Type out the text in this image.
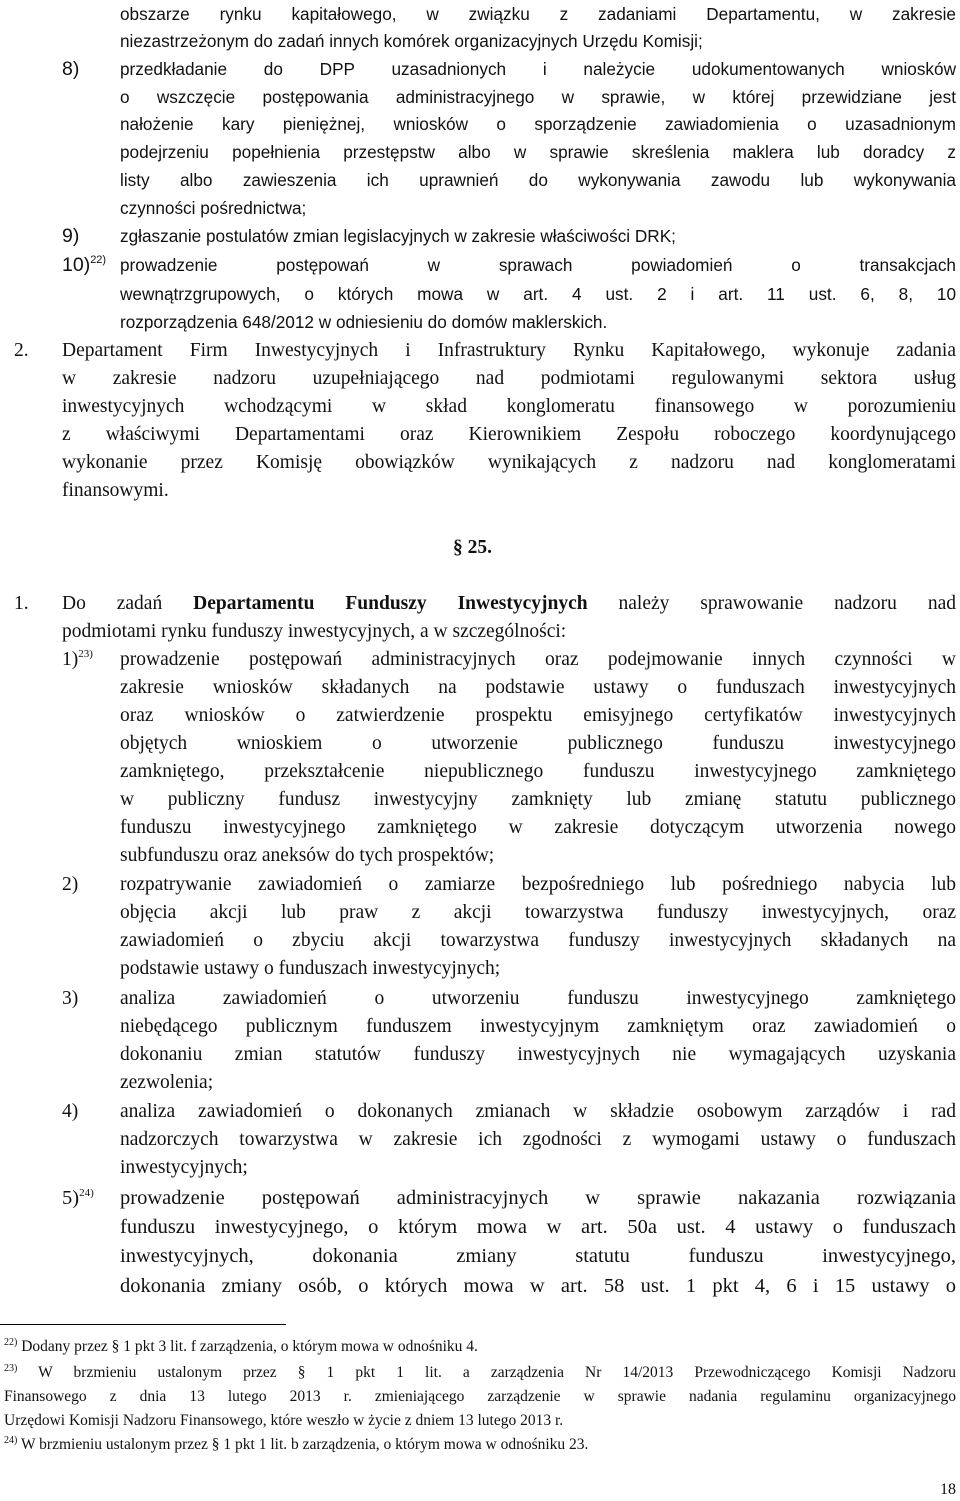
obszarze rynku kapitałowego, w związku z zadaniami Departamentu, w zakresie
niezastrzeżonym do zadań innych komórek organizacyjnych Urzędu Komisji;
8) przedkładanie do DPP uzasadnionych i należycie udokumentowanych wniosków
o wszczęcie postępowania administracyjnego w sprawie, w której przewidziane jest
nałożenie kary pieniężnej, wniosków o sporządzenie zawiadomienia o uzasadnionym
podejrzeniu popełnienia przestępstw albo w sprawie skreślenia maklera lub doradcy z
listy albo zawieszenia ich uprawnień do wykonywania zawodu lub wykonywania
czynności pośrednictwa;
9) zgłaszanie postulatów zmian legislacyjnych w zakresie właściwości DRK;
10)$^{22)}$ prowadzenie postępowań w sprawach powiadomień o transakcjach
wewnątrzgrupowych, o których mowa w art. 4 ust. 2 i art. 11 ust. 6, 8, 10
rozporządzenia 648/2012 w odniesieniu do domów maklerskich.
2. Departament Firm Inwestycyjnych i Infrastruktury Rynku Kapitałowego, wykonuje zadania
w zakresie nadzoru uzupełniającego nad podmiotami regulowanymi sektora usług
inwestycyjnych wchodzącymi w skład konglomeratu finansowego w porozumieniu
z właściwymi Departamentami oraz Kierownikiem Zespołu roboczego koordynującego
wykonanie przez Komisję obowiązków wynikających z nadzoru nad konglomeratami
finansowymi.
§ 25.
1. Do zadań Departamentu Funduszy Inwestycyjnych należy sprawowanie nadzoru nad
podmiotami rynku funduszy inwestycyjnych, a w szczególności:
1)$^{23)}$ prowadzenie postępowań administracyjnych oraz podejmowanie innych czynności w
zakresie wniosków składanych na podstawie ustawy o funduszach inwestycyjnych
oraz wniosków o zatwierdzenie prospektu emisyjnego certyfikatów inwestycyjnych
objętych wnioskiem o utworzenie publicznego funduszu inwestycyjnego
zamkniętego, przekształcenie niepublicznego funduszu inwestycyjnego zamkniętego
w publiczny fundusz inwestycyjny zamknięty lub zmianę statutu publicznego
funduszu inwestycyjnego zamkniętego w zakresie dotyczącym utworzenia nowego
subfunduszu oraz aneksów do tych prospektów;
2) rozpatrywanie zawiadomień o zamiarze bezpośredniego lub pośredniego nabycia lub
objęcia akcji lub praw z akcji towarzystwa funduszy inwestycyjnych, oraz
zawiadomień o zbyciu akcji towarzystwa funduszy inwestycyjnych składanych na
podstawie ustawy o funduszach inwestycyjnych;
3) analiza zawiadomień o utworzeniu funduszu inwestycyjnego zamkniętego
niebędącego publicznym funduszem inwestycyjnym zamkniętym oraz zawiadomień o
dokonaniu zmian statutów funduszy inwestycyjnych nie wymagających uzyskania
zezwolenia;
4) analiza zawiadomień o dokonanych zmianach w składzie osobowym zarządów i rad
nadzorczych towarzystwa w zakresie ich zgodności z wymogami ustawy o funduszach
inwestycyjnych;
5)$^{24)}$ prowadzenie postępowań administracyjnych w sprawie nakazania rozwiązania
funduszu inwestycyjnego, o którym mowa w art. 50a ust. 4 ustawy o funduszach
inwestycyjnych, dokonania zmiany statutu funduszu inwestycyjnego,
dokonania zmiany osób, o których mowa w art. 58 ust. 1 pkt 4, 6 i 15 ustawy o
$^{22)}$ Dodany przez § 1 pkt 3 lit. f zarządzenia, o którym mowa w odnośniku 4.
$^{23)}$ W brzmieniu ustalonym przez § 1 pkt 1 lit. a zarządzenia Nr 14/2013 Przewodniczącego Komisji Nadzoru
Finansowego z dnia 13 lutego 2013 r. zmieniającego zarządzenie w sprawie nadania regulaminu organizacyjnego
Urzędowi Komisji Nadzoru Finansowego, które weszło w życie z dniem 13 lutego 2013 r.
$^{24)}$ W brzmieniu ustalonym przez § 1 pkt 1 lit. b zarządzenia, o którym mowa w odnośniku 23.
18
